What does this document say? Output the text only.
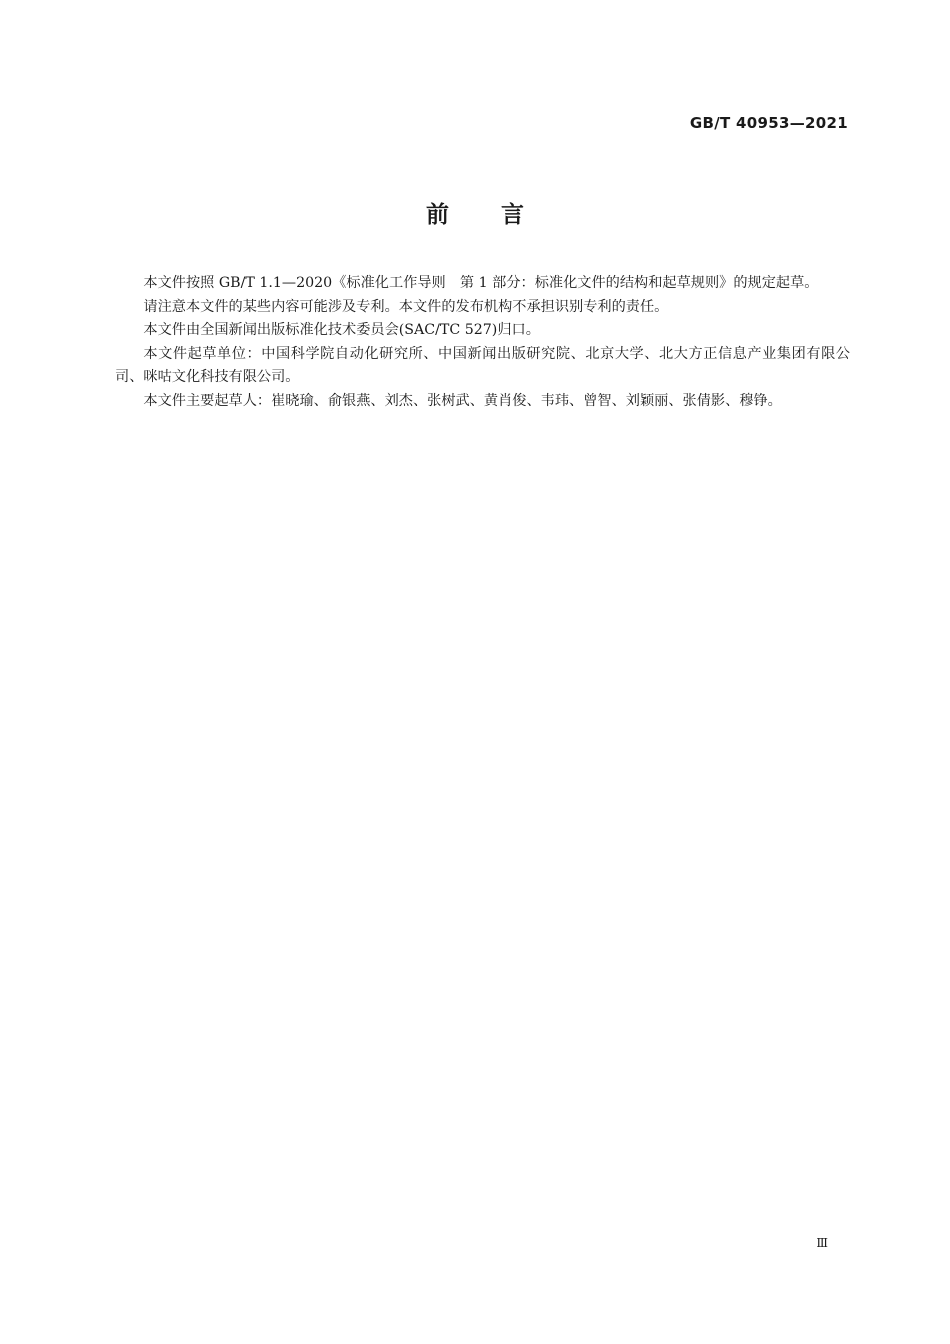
GB/T 40953—2021
前言

本文件按照 GB/T 1.1—2020《标准化工作导则　第 1 部分：标准化文件的结构和起草规则》的规定起草。

请注意本文件的某些内容可能涉及专利。本文件的发布机构不承担识别专利的责任。

本文件由全国新闻出版标准化技术委员会(SAC/TC 527)归口。

本文件起草单位：中国科学院自动化研究所、中国新闻出版研究院、北京大学、北大方正信息产业集团有限公司、咪咕文化科技有限公司。

本文件主要起草人：崔晓瑜、俞银燕、刘杰、张树武、黄肖俊、韦玮、曾智、刘颖丽、张倩影、穆铮。

Ⅲ
